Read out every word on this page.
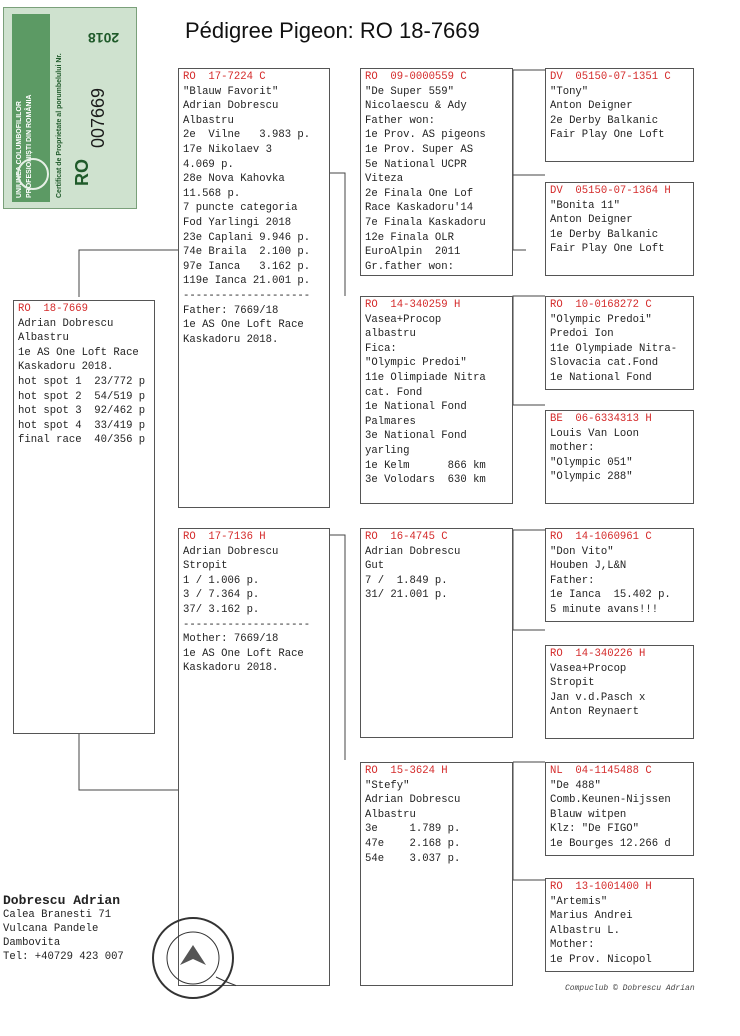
Pédigree Pigeon: RO 18-7669
UNIUNEA COLUMBOFILILOR PROFESIONIȘTI DIN ROMÂNIA	Certificat de Proprietate al porumbelului Nr. RO
007669
2018
RO  18-7669
Adrian Dobrescu
Albastru
1e AS One Loft Race
Kaskadoru 2018.
hot spot 1  23/772 p
hot spot 2  54/519 p
hot spot 3  92/462 p
hot spot 4  33/419 p
final race  40/356 p
RO  17-7224 C
"Blauw Favorit"
Adrian Dobrescu
Albastru
2e  Vilne   3.983 p.
17e Nikolaev 3
4.069 p.
28e Nova Kahovka
11.568 p.
7 puncte categoria
Fod Yarlingi 2018
23e Caplani 9.946 p.
74e Braila  2.100 p.
97e Ianca   3.162 p.
119e Ianca 21.001 p.
--------------------
Father: 7669/18
1e AS One Loft Race
Kaskadoru 2018.
RO  17-7136 H
Adrian Dobrescu
Stropit
1 / 1.006 p.
3 / 7.364 p.
37/ 3.162 p.
--------------------
Mother: 7669/18
1e AS One Loft Race
Kaskadoru 2018.
RO  09-0000559 C
"De Super 559"
Nicolaescu & Ady
Father won:
1e Prov. AS pigeons
1e Prov. Super AS
5e National UCPR
Viteza
2e Finala One Lof
Race Kaskadoru'14
7e Finala Kaskadoru
12e Finala OLR
EuroAlpin  2011
Gr.father won:
RO  14-340259 H
Vasea+Procop
albastru
Fica:
"Olympic Predoi"
11e Olimpiade Nitra
cat. Fond
1e National Fond
Palmares
3e National Fond
yarling
1e Kelm      866 km
3e Volodars  630 km
RO  16-4745 C
Adrian Dobrescu
Gut
7 /  1.849 p.
31/ 21.001 p.
RO  15-3624 H
"Stefy"
Adrian Dobrescu
Albastru
3e     1.789 p.
47e    2.168 p.
54e    3.037 p.
DV  05150-07-1351 C
"Tony"
Anton Deigner
2e Derby Balkanic
Fair Play One Loft
DV  05150-07-1364 H
"Bonita 11"
Anton Deigner
1e Derby Balkanic
Fair Play One Loft
RO  10-0168272 C
"Olympic Predoi"
Predoi Ion
11e Olympiade Nitra-
Slovacia cat.Fond
1e National Fond
BE  06-6334313 H
Louis Van Loon
mother:
"Olympic 051"
"Olympic 288"
RO  14-1060961 C
"Don Vito"
Houben J,L&N
Father:
1e Ianca  15.402 p.
5 minute avans!!!
RO  14-340226 H
Vasea+Procop
Stropit
Jan v.d.Pasch x
Anton Reynaert
NL  04-1145488 C
"De 488"
Comb.Keunen-Nijssen
Blauw witpen
Klz: "De FIGO"
1e Bourges 12.266 d
RO  13-1001400 H
"Artemis"
Marius Andrei
Albastru L.
Mother:
1e Prov. Nicopol
Dobrescu Adrian
Calea Branesti 71
Vulcana Pandele
Dambovita
Tel: +40729 423 007
Compuclub © Dobrescu Adrian
